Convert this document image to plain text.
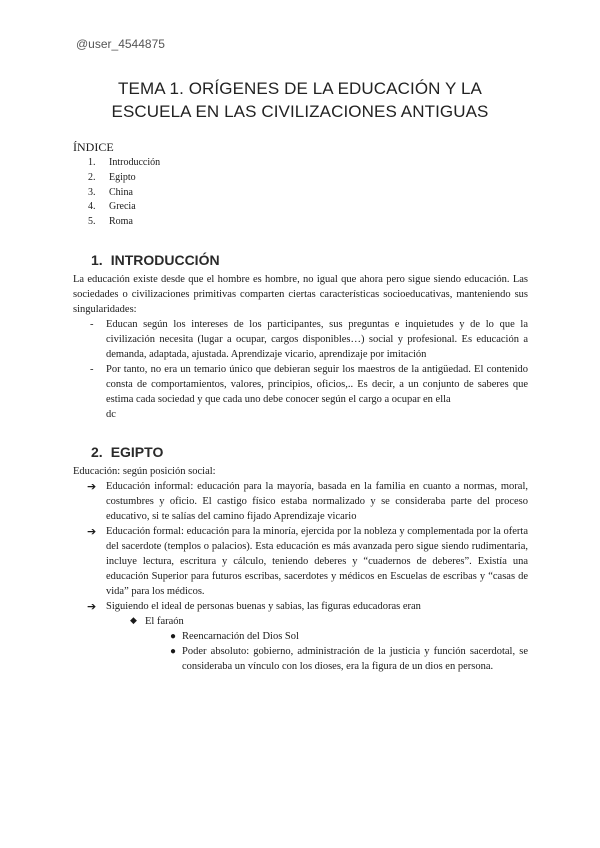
@user_4544875
TEMA 1. ORÍGENES DE LA EDUCACIÓN Y LA
ESCUELA EN LAS CIVILIZACIONES ANTIGUAS
ÍNDICE
1. Introducción
2. Egipto
3. China
4. Grecia
5. Roma
1. INTRODUCCIÓN

La educación existe desde que el hombre es hombre, no igual que ahora pero sigue siendo educación. Las sociedades o civilizaciones primitivas comparten ciertas características socioeducativas, manteniendo sus singularidades:

- Educan según los intereses de los participantes, sus preguntas e inquietudes y de lo que la civilización necesita (lugar a ocupar, cargos disponibles…) social y profesional. Es educación a demanda, adaptada, ajustada. Aprendizaje vicario, aprendizaje por imitación
- Por tanto, no era un temario único que debieran seguir los maestros de la antigüedad. El contenido consta de comportamientos, valores, principios, oficios,.. Es decir, a un conjunto de saberes que estima cada sociedad y que cada uno debe conocer según el cargo a ocupar en ella
dc
2. EGIPTO

Educación: según posición social:

➔ Educación informal: educación para la mayoría, basada en la familia en cuanto a normas, moral, costumbres y oficio. El castigo físico estaba normalizado y se consideraba parte del proceso educativo, si te salías del camino fijado Aprendizaje vicario
➔ Educación formal: educación para la minoría, ejercida por la nobleza y complementada por la oferta del sacerdote (templos o palacios). Esta educación es más avanzada pero sigue siendo rudimentaria, incluye lectura, escritura y cálculo, teniendo deberes y “cuadernos de deberes”. Existía una educación Superior para futuros escribas, sacerdotes y médicos en Escuelas de escribas y “casas de vida” para los médicos.
➔ Siguiendo el ideal de personas buenas y sabias, las figuras educadoras eran
◆ El faraón
● Reencarnación del Dios Sol
● Poder absoluto: gobierno, administración de la justicia y función sacerdotal, se consideraba un vínculo con los dioses, era la figura de un dios en persona.
